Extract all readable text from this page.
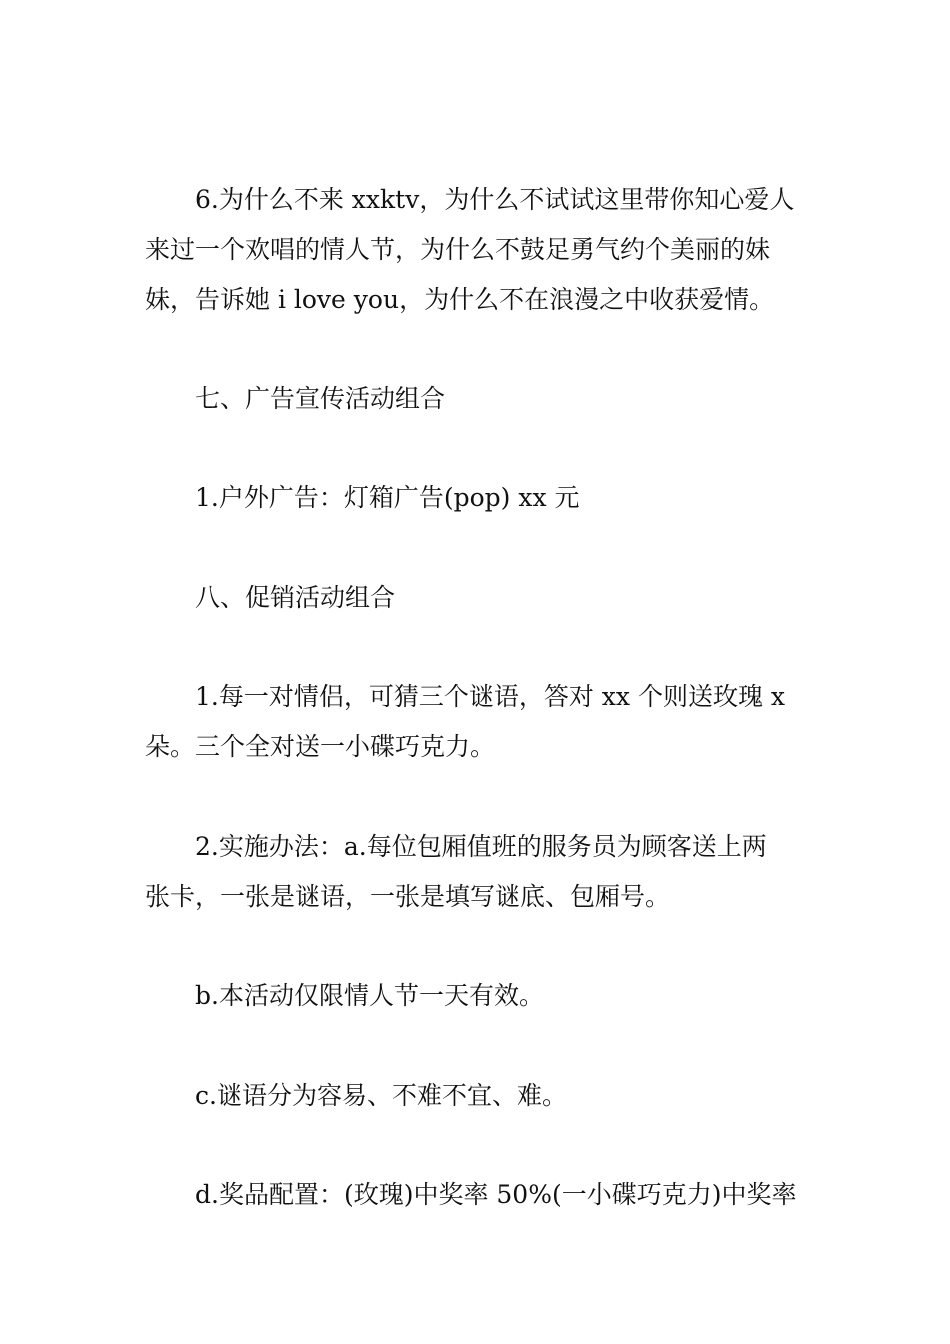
6.为什么不来 xxktv，为什么不试试这里带你知心爱人
来过一个欢唱的情人节，为什么不鼓足勇气约个美丽的妹
妹，告诉她 i love you，为什么不在浪漫之中收获爱情。
七、广告宣传活动组合
1.户外广告：灯箱广告(pop) xx 元
八、促销活动组合
1.每一对情侣，可猜三个谜语，答对 xx 个则送玫瑰 x
朵。三个全对送一小碟巧克力。
2.实施办法：a.每位包厢值班的服务员为顾客送上两
张卡，一张是谜语，一张是填写谜底、包厢号。
b.本活动仅限情人节一天有效。
c.谜语分为容易、不难不宜、难。
d.奖品配置：(玫瑰)中奖率 50%(一小碟巧克力)中奖率
